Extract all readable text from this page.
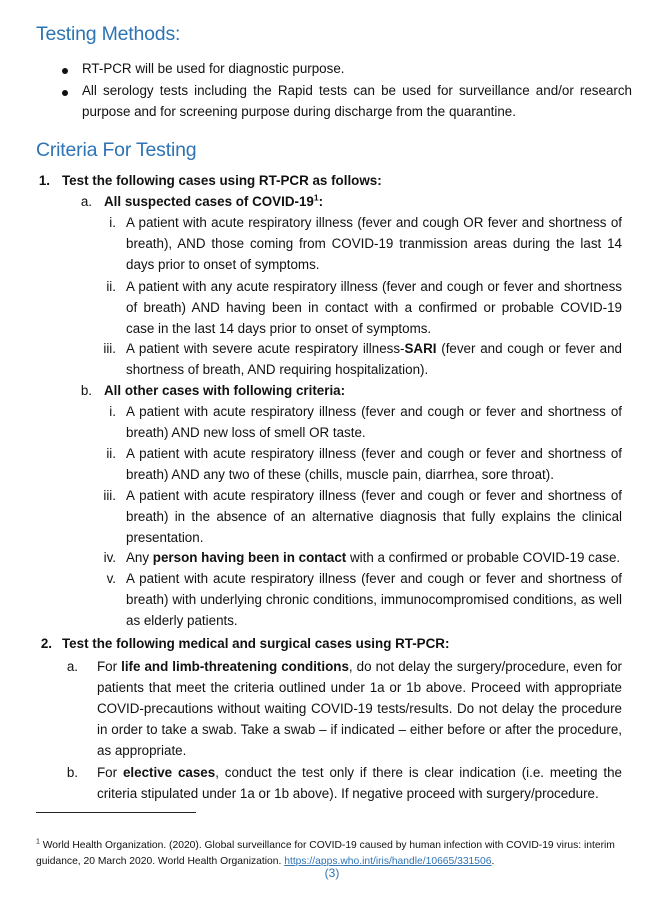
Testing Methods:

RT-PCR will be used for diagnostic purpose.

All serology tests including the Rapid tests can be used for surveillance and/or research purpose and for screening purpose during discharge from the quarantine.

Criteria For Testing
1. Test the following cases using RT-PCR as follows:

a. All suspected cases of COVID-$19^1$:

i. A patient with acute respiratory illness (fever and cough OR fever and shortness of breath), AND those coming from COVID-19 tranmission areas during the last 14 days prior to onset of symptoms.

ii. A patient with any acute respiratory illness (fever and cough or fever and shortness of breath) AND having been in contact with a confirmed or probable COVID-19 case in the last 14 days prior to onset of symptoms.

iii. A patient with severe acute respiratory illness-SARI (fever and cough or fever and shortness of breath, AND requiring hospitalization).

b. All other cases with following criteria:

i. A patient with acute respiratory illness (fever and cough or fever and shortness of breath) AND new loss of smell OR taste.

ii. A patient with acute respiratory illness (fever and cough or fever and shortness of breath) AND any two of these (chills, muscle pain, diarrhea, sore throat).

iii. A patient with acute respiratory illness (fever and cough or fever and shortness of breath) in the absence of an alternative diagnosis that fully explains the clinical presentation.

iv. Any person having been in contact with a confirmed or probable COVID-19 case.

v. A patient with acute respiratory illness (fever and cough or fever and shortness of breath) with underlying chronic conditions, immunocompromised conditions, as well as elderly patients.

2. Test the following medical and surgical cases using RT-PCR:

a. For life and limb-threatening conditions, do not delay the surgery/procedure, even for patients that meet the criteria outlined under 1a or 1b above. Proceed with appropriate COVID-precautions without waiting COVID-19 tests/results. Do not delay the procedure in order to take a swab. Take a swab – if indicated – either before or after the procedure, as appropriate.

b. For elective cases, conduct the test only if there is clear indication (i.e. meeting the criteria stipulated under 1a or 1b above). If negative proceed with surgery/procedure.

$^1$ World Health Organization. (2020). Global surveillance for COVID-19 caused by human infection with COVID-19 virus: interim guidance, 20 March 2020. World Health Organization. https://apps.who.int/iris/handle/10665/331506.

(3)
